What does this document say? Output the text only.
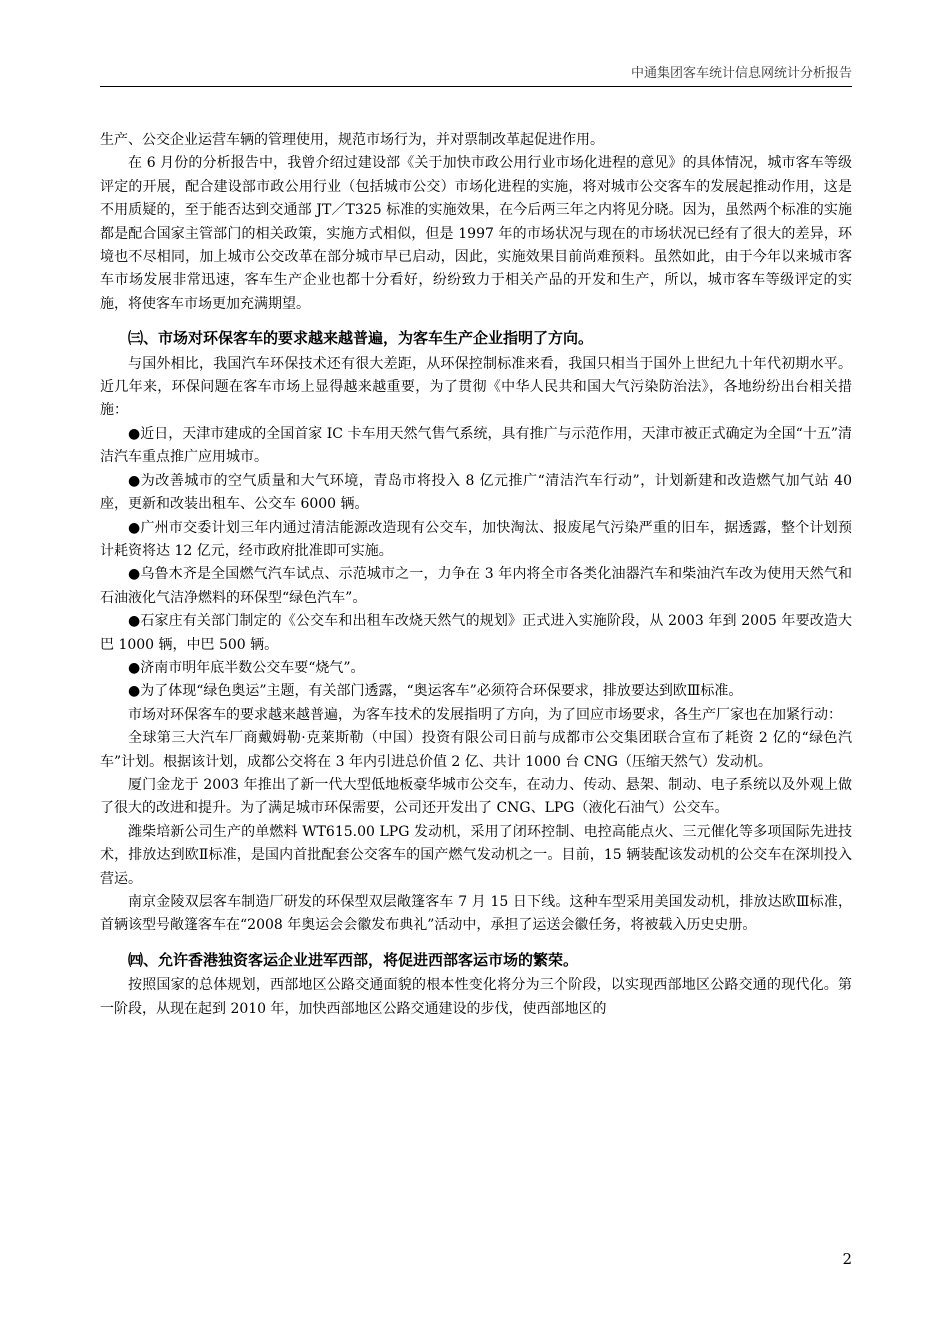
中通集团客车统计信息网统计分析报告

生产、公交企业运营车辆的管理使用，规范市场行为，并对票制改革起促进作用。

在 6 月份的分析报告中，我曾介绍过建设部《关于加快市政公用行业市场化进程的意见》的具体情况，城市客车等级评定的开展，配合建设部市政公用行业（包括城市公交）市场化进程的实施，将对城市公交客车的发展起推动作用，这是不用质疑的，至于能否达到交通部 JT／T325 标准的实施效果，在今后两三年之内将见分晓。因为，虽然两个标准的实施都是配合国家主管部门的相关政策，实施方式相似，但是 1997 年的市场状况与现在的市场状况已经有了很大的差异，环境也不尽相同，加上城市公交改革在部分城市早已启动，因此，实施效果目前尚难预料。虽然如此，由于今年以来城市客车市场发展非常迅速，客车生产企业也都十分看好，纷纷致力于相关产品的开发和生产，所以，城市客车等级评定的实施，将使客车市场更加充满期望。

㈢、市场对环保客车的要求越来越普遍，为客车生产企业指明了方向。

与国外相比，我国汽车环保技术还有很大差距，从环保控制标准来看，我国只相当于国外上世纪九十年代初期水平。近几年来，环保问题在客车市场上显得越来越重要，为了贯彻《中华人民共和国大气污染防治法》，各地纷纷出台相关措施：

●近日，天津市建成的全国首家 IC 卡车用天然气售气系统，具有推广与示范作用，天津市被正式确定为全国“十五”清洁汽车重点推广应用城市。

●为改善城市的空气质量和大气环境，青岛市将投入 8 亿元推广“清洁汽车行动”，计划新建和改造燃气加气站 40 座，更新和改装出租车、公交车 6000 辆。

●广州市交委计划三年内通过清洁能源改造现有公交车，加快淘汰、报废尾气污染严重的旧车，据透露，整个计划预计耗资将达 12 亿元，经市政府批准即可实施。

●乌鲁木齐是全国燃气汽车试点、示范城市之一，力争在 3 年内将全市各类化油器汽车和柴油汽车改为使用天然气和石油液化气洁净燃料的环保型“绿色汽车”。

●石家庄有关部门制定的《公交车和出租车改烧天然气的规划》正式进入实施阶段，从 2003 年到 2005 年要改造大巴 1000 辆，中巴 500 辆。

●济南市明年底半数公交车要“烧气”。

●为了体现“绿色奥运”主题，有关部门透露，“奥运客车”必须符合环保要求，排放要达到欧Ⅲ标准。

市场对环保客车的要求越来越普遍，为客车技术的发展指明了方向，为了回应市场要求，各生产厂家也在加紧行动：

全球第三大汽车厂商戴姆勒·克莱斯勒（中国）投资有限公司日前与成都市公交集团联合宣布了耗资 2 亿的“绿色汽车”计划。根据该计划，成都公交将在 3 年内引进总价值 2 亿、共计 1000 台 CNG（压缩天然气）发动机。

厦门金龙于 2003 年推出了新一代大型低地板豪华城市公交车，在动力、传动、悬架、制动、电子系统以及外观上做了很大的改进和提升。为了满足城市环保需要，公司还开发出了 CNG、LPG（液化石油气）公交车。

潍柴培新公司生产的单燃料 WT615.00 LPG 发动机，采用了闭环控制、电控高能点火、三元催化等多项国际先进技术，排放达到欧Ⅱ标准，是国内首批配套公交客车的国产燃气发动机之一。目前，15 辆装配该发动机的公交车在深圳投入营运。

南京金陵双层客车制造厂研发的环保型双层敞篷客车 7 月 15 日下线。这种车型采用美国发动机，排放达欧Ⅲ标准，首辆该型号敞篷客车在“2008 年奥运会会徽发布典礼”活动中，承担了运送会徽任务，将被载入历史史册。

㈣、允许香港独资客运企业进军西部，将促进西部客运市场的繁荣。

按照国家的总体规划，西部地区公路交通面貌的根本性变化将分为三个阶段，以实现西部地区公路交通的现代化。第一阶段，从现在起到 2010 年，加快西部地区公路交通建设的步伐，使西部地区的

2
